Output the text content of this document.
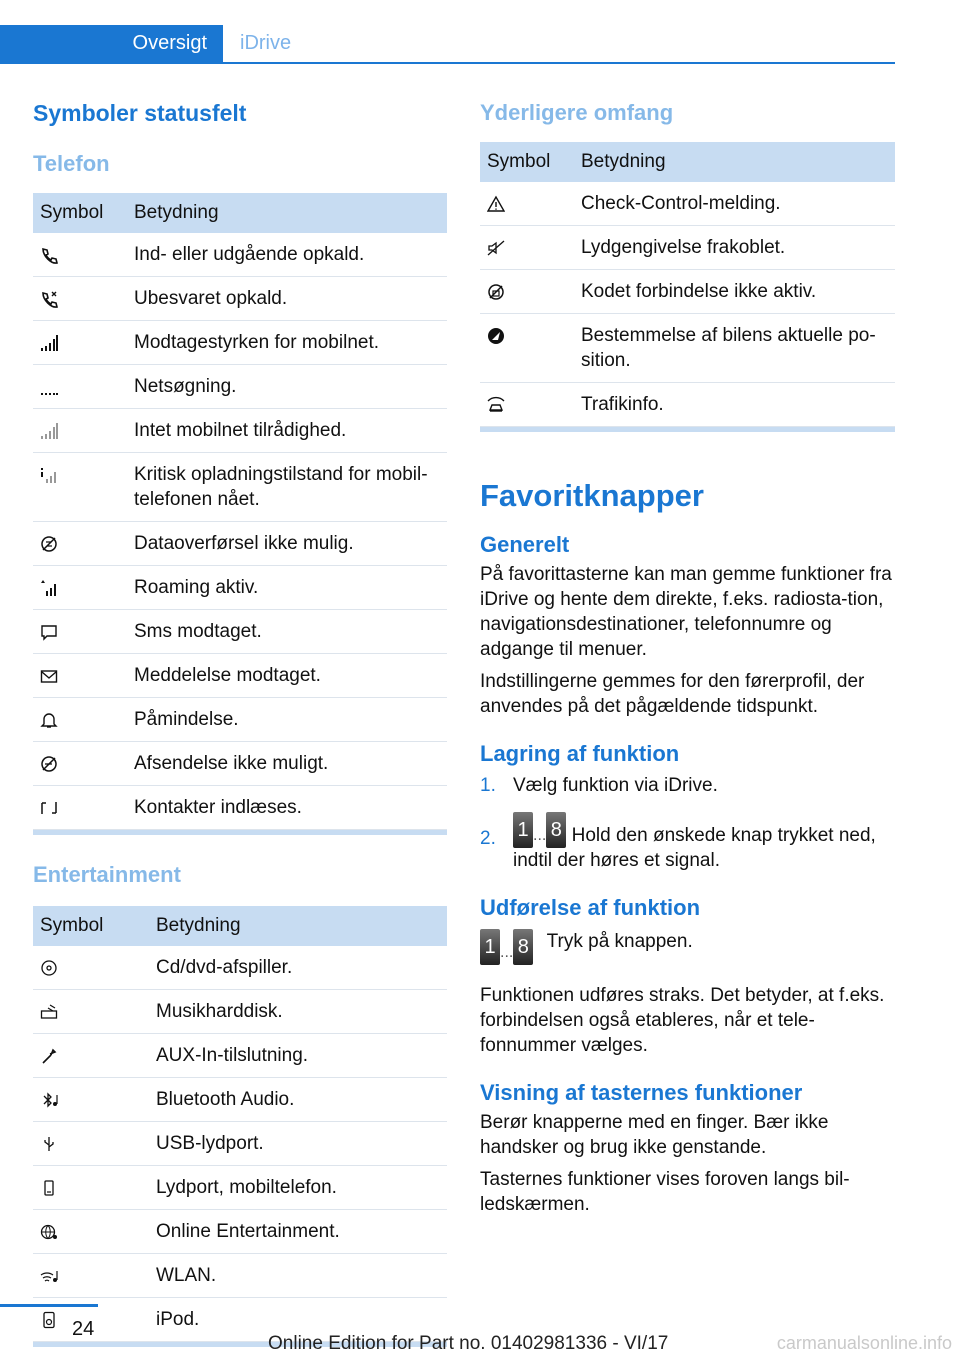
Oversigt	iDrive
Symboler statusfelt
Telefon
Symbol	Betydning
	Ind- eller udgående opkald.
	Ubesvaret opkald.
	Modtagestyrken for mobilnet.
	Netsøgning.
	Intet mobilnet tilrådighed.
	Kritisk opladningstilstand for mobil-telefonen nået.
	Dataoverførsel ikke mulig.
	Roaming aktiv.
	Sms modtaget.
	Meddelelse modtaget.
	Påmindelse.
	Afsendelse ikke muligt.
	Kontakter indlæses.
Entertainment
Symbol	Betydning
	Cd/dvd-afspiller.
	Musikharddisk.
	AUX-In-tilslutning.
	Bluetooth Audio.
	USB-lydport.
	Lydport, mobiltelefon.
	Online Entertainment.
	WLAN.
	iPod.
Yderligere omfang
Symbol	Betydning
	Check-Control-melding.
	Lydgengivelse frakoblet.
	Kodet forbindelse ikke aktiv.
	Bestemmelse af bilens aktuelle po-sition.
	Trafikinfo.
Favoritknapper
Generelt

På favorittasterne kan man gemme funktioner fra iDrive og hente dem direkte, f.eks. radiosta-tion, navigationsdestinationer, telefonnumre og adgange til menuer.

Indstillingerne gemmes for den førerprofil, der anvendes på det pågældende tidspunkt.

Lagring af funktion
1. Vælg funktion via iDrive.
2. 1 ... 8 Hold den ønskede knap trykket ned, indtil der høres et signal.
Udførelse af funktion
1 ... 8 Tryk på knappen.

Funktionen udføres straks. Det betyder, at f.eks. forbindelsen også etableres, når et tele-fonnummer vælges.

Visning af tasternes funktioner

Berør knapperne med en finger. Bær ikke handsker og brug ikke genstande.

Tasternes funktioner vises foroven langs bil-ledskærmen.

24
Online Edition for Part no. 01402981336 - VI/17	carmanualsonline.info
